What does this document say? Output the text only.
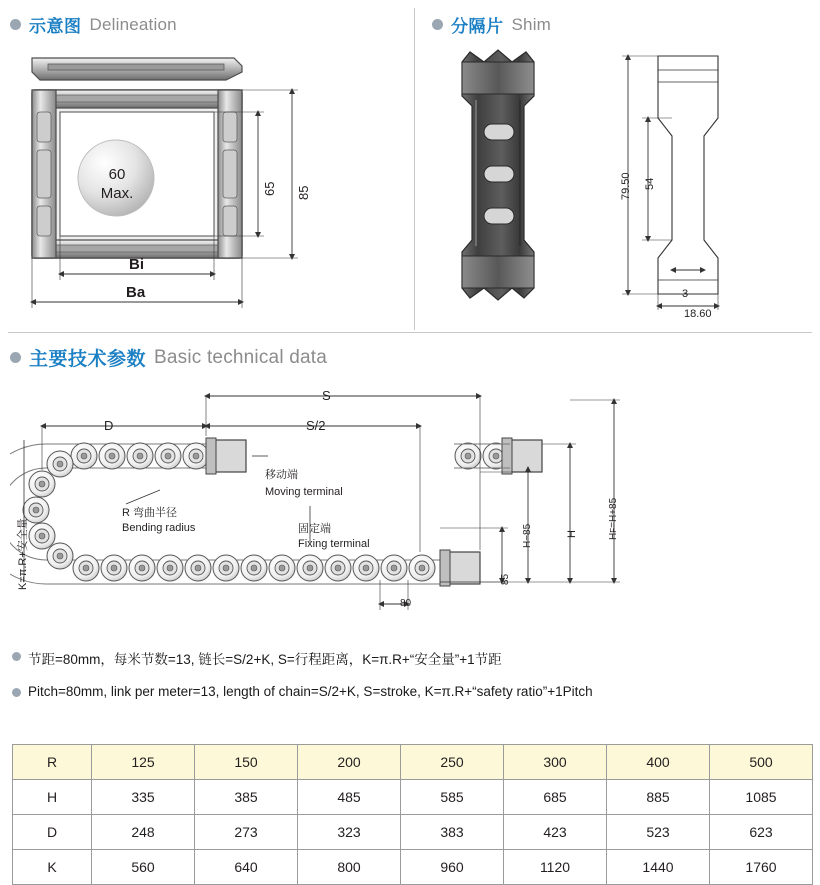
示意图 Delineation	分隔片 Shim
主要技术参数 Basic technical data
60
Max.	65 85
Bi
Ba
79.50 54
3
18.60
S
S/2
D
K=π.R+安全量
移动端
Moving terminal
R 弯曲半径
Bending radius	固定端
Fixing terminal
85
H−85	H	HF=H+85
80
节距=80mm，每米节数=13, 链长=S/2+K, S=行程距离，K=π.R+“安全量”+1节距
Pitch=80mm, link per meter=13, length of chain=S/2+K, S=stroke, K=π.R+“safety ratio”+1Pitch
R	125	150	200	250	300	400	500
H	335	385	485	585	685	885	1085
D	248	273	323	383	423	523	623
K	560	640	800	960	1120	1440	1760
